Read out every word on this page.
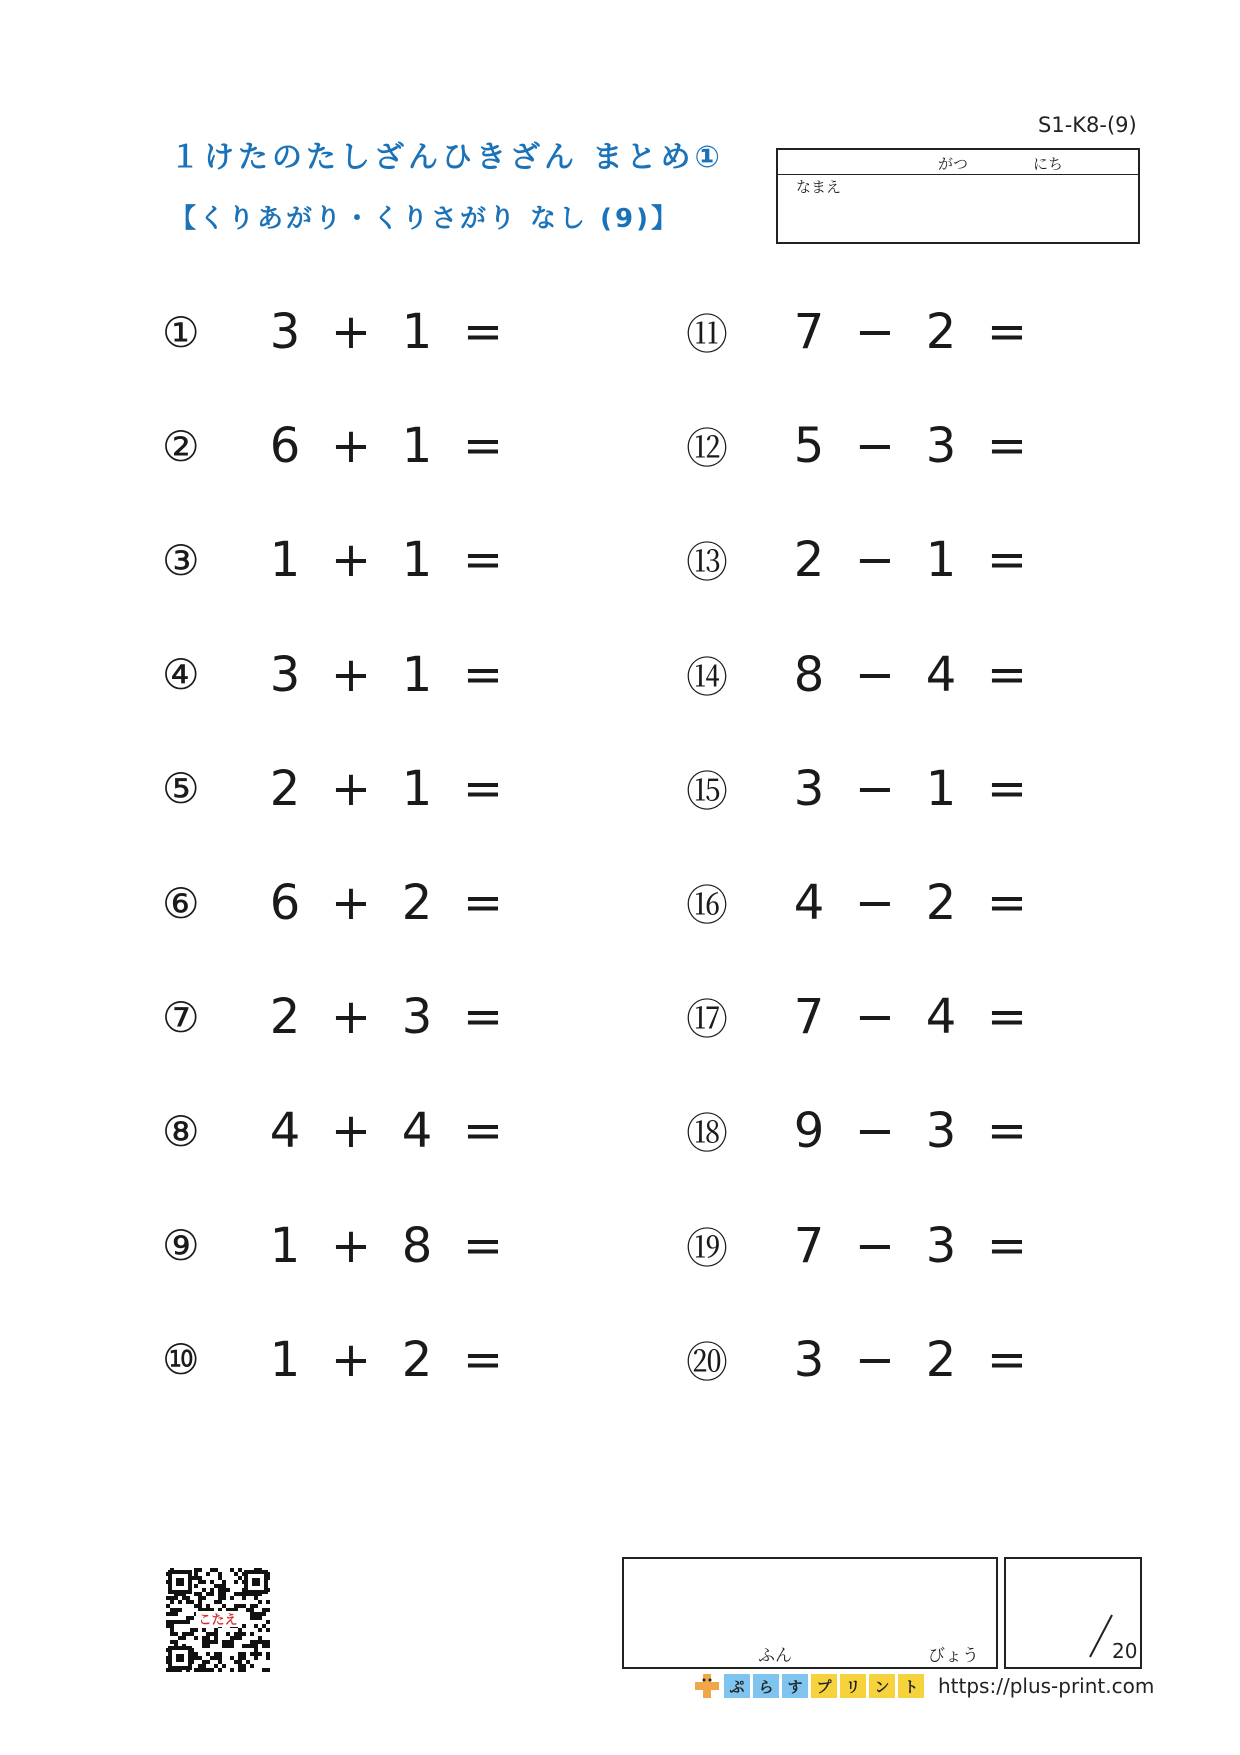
S1-K8-(9)
１けたのたしざんひきざん まとめ①
【くりあがり・くりさがり なし (9)】
がつ	にち
なまえ
①	3 + 1 =
②	6 + 1 =
③	1 + 1 =
④	3 + 1 =
⑤	2 + 1 =
⑥	6 + 2 =
⑦	2 + 3 =
⑧	4 + 4 =
⑨	1 + 8 =
⑩	1 + 2 =
⑪	7 − 2 =
⑫	5 − 3 =
⑬	2 − 1 =
⑭	8 − 4 =
⑮	3 − 1 =
⑯	4 − 2 =
⑰	7 − 4 =
⑱	9 − 3 =
⑲	7 − 3 =
⑳	3 − 2 =
こたえ
ふん	びょう	20
ぷ ら す プ リ ン ト https://plus-print.com
